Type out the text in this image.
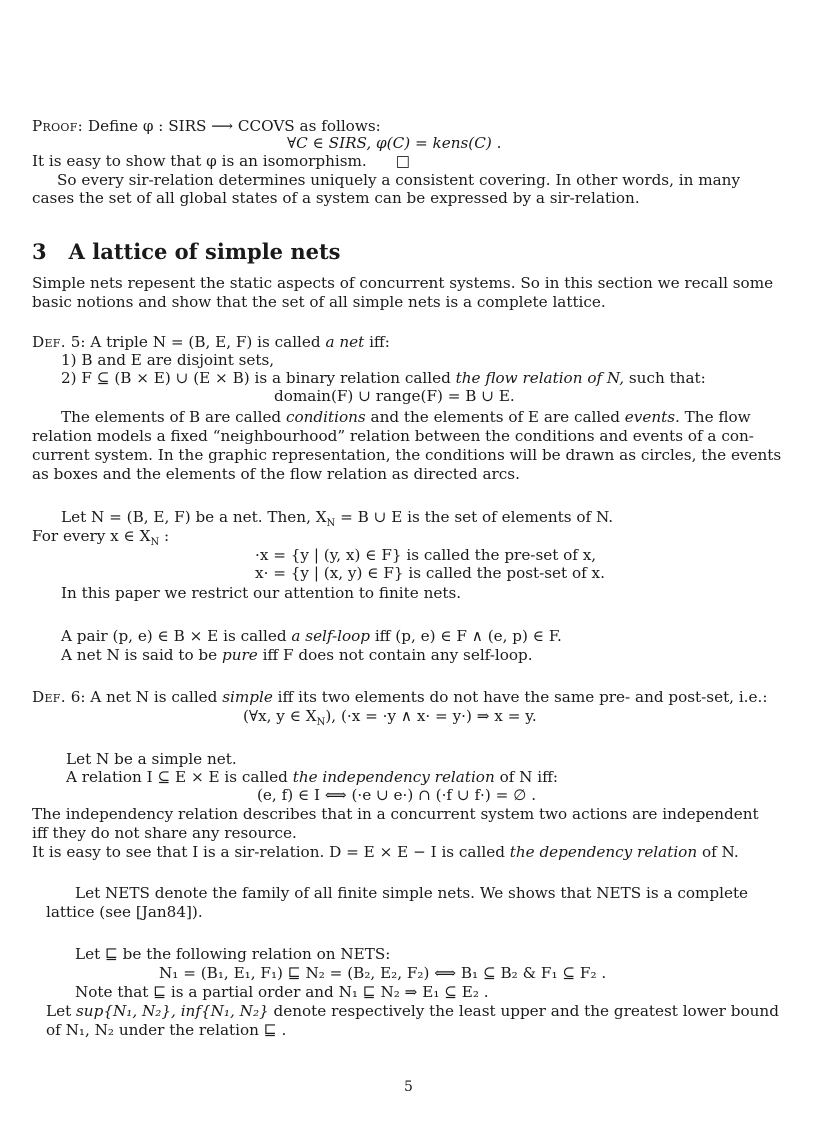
Proof: Define φ : SIRS ⟶ CCOVS as follows:
∀C ∈ SIRS, φ(C) = kens(C) .
It is easy to show that φ is an isomorphism. □
So every sir-relation determines uniquely a consistent covering. In other words, in many
cases the set of all global states of a system can be expressed by a sir-relation.
3 A lattice of simple nets
Simple nets repesent the static aspects of concurrent systems. So in this section we recall some
basic notions and show that the set of all simple nets is a complete lattice.
Def. 5: A triple N = (B, E, F) is called a net iff:
1) B and E are disjoint sets,
2) F ⊆ (B × E) ∪ (E × B) is a binary relation called the flow relation of N, such that:
domain(F) ∪ range(F) = B ∪ E.
The elements of B are called conditions and the elements of E are called events. The flow
relation models a fixed “neighbourhood” relation between the conditions and events of a con-
current system. In the graphic representation, the conditions will be drawn as circles, the events
as boxes and the elements of the flow relation as directed arcs.
Let N = (B, E, F) be a net. Then, $X_N = B$ ∪ E is the set of elements of N.
For every x ∈ $X_N$ :
·x = {y | (y, x) ∈ F} is called the pre-set of x,
x· = {y | (x, y) ∈ F} is called the post-set of x.
In this paper we restrict our attention to finite nets.
A pair (p, e) ∈ B × E is called a self-loop iff (p, e) ∈ F ∧ (e, p) ∈ F.
A net N is said to be pure iff F does not contain any self-loop.
Def. 6: A net N is called simple iff its two elements do not have the same pre- and post-set, i.e.:
(∀x, y ∈ $X_N$), (·x = ·y ∧ x· = y·) ⇒ x = y.
Let N be a simple net.
A relation I ⊆ E × E is called the independency relation of N iff:
(e, f) ∈ I ⟺ (·e ∪ e·) ∩ (·f ∪ f·) = ∅ .
The independency relation describes that in a concurrent system two actions are independent
iff they do not share any resource.
It is easy to see that I is a sir-relation. D = E × E − I is called the dependency relation of N.
Let NETS denote the family of all finite simple nets. We shows that NETS is a complete
lattice (see [Jan84]).
Let ⊑ be the following relation on NETS:
N₁ = (B₁, E₁, F₁) ⊑ N₂ = (B₂, E₂, F₂) ⟺ B₁ ⊆ B₂ & F₁ ⊆ F₂ .
Note that ⊑ is a partial order and N₁ ⊑ N₂ ⇒ E₁ ⊆ E₂ .
Let sup{N₁, N₂}, inf{N₁, N₂} denote respectively the least upper and the greatest lower bound
of N₁, N₂ under the relation ⊑ .
5
